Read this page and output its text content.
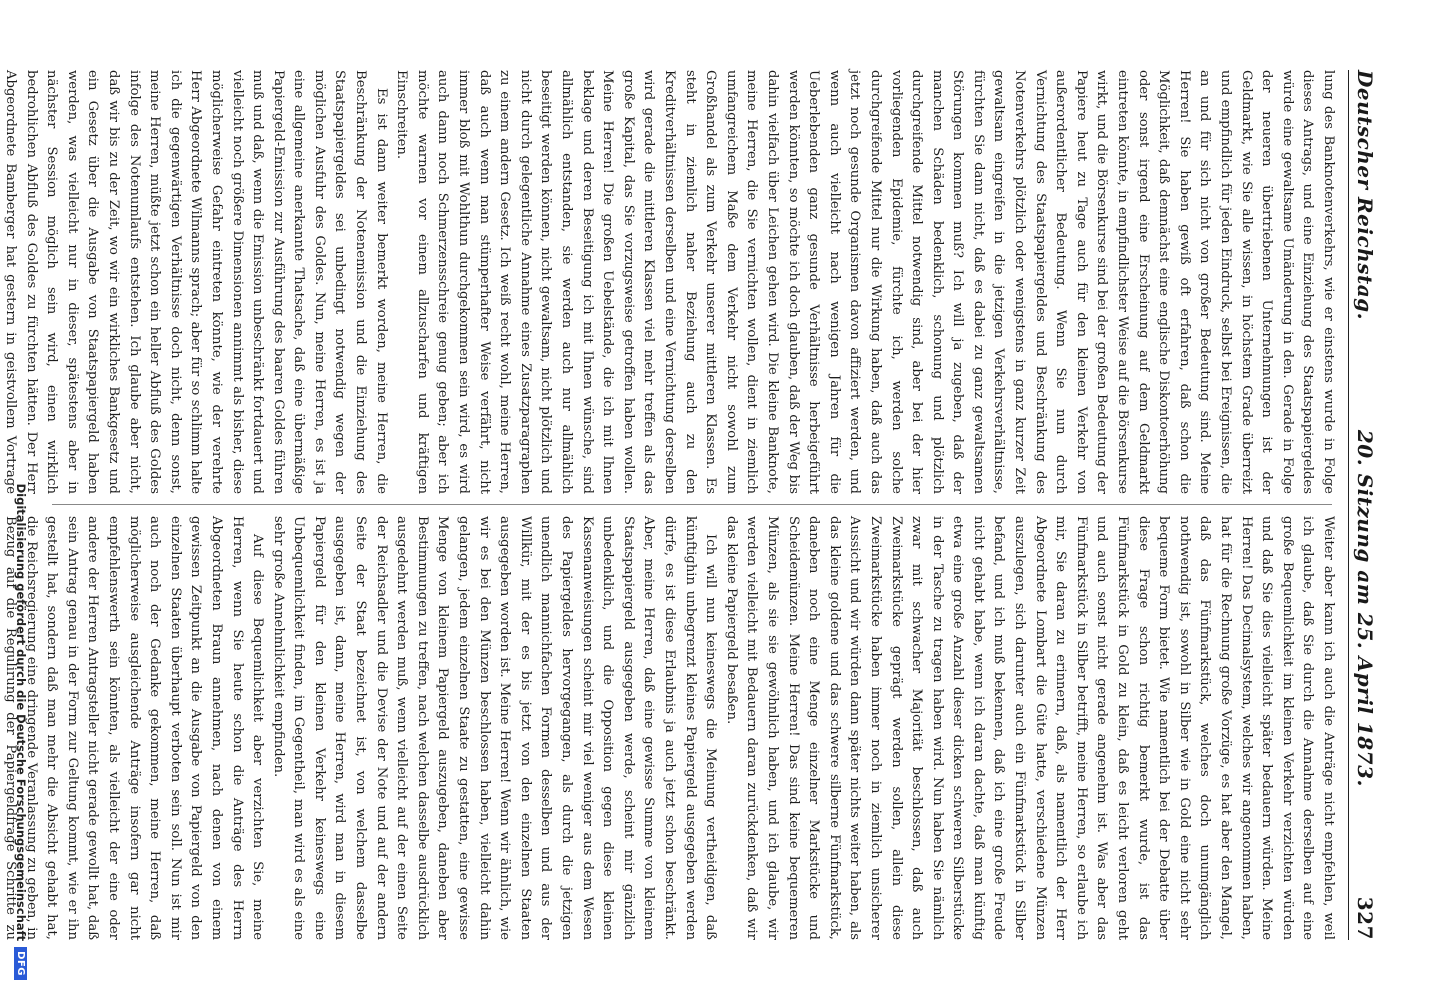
Deutscher Reichstag.
20. Sitzung am 25. April 1873.
327

lung des Banknotenverkehrs, wie er einstens wurde in Folge dieses Antrags, und eine Einziehung des Staatspapiergeldes würde eine gewaltsame Umänderung in den. Gerade in Folge der neueren übertriebenen Unternehmungen ist der Geldmarkt, wie Sie alle wissen, in höchstem Grade überreizt und empfindlich für jeden Eindruck, selbst bei Ereignissen, die an und für sich nicht von großer Bedeutung sind. Meine Herren! Sie haben gewiß oft erfahren, daß schon die Möglichkeit, daß demnächst eine englische Diskontoerhöhung oder sonst irgend eine Erscheinung auf dem Geldmarkt eintreten könnte, in empfindlichster Weise auf die Börsenkurse wirkt, und die Börsenkurse sind bei der großen Bedeutung der Papiere heut zu Tage auch für den kleinen Verkehr von außerordentlicher Bedeutung. Wenn Sie nun durch Vernichtung des Staatspapiergeldes und Beschränkung des Notenverkehrs plötzlich oder wenigstens in ganz kurzer Zeit gewaltsam eingreifen in die jetzigen Verkehrsverhältnisse, fürchten Sie dann nicht, daß es dabei zu ganz gewaltsamen Störungen kommen muß? Ich will ja zugeben, daß der manchen Schäden bedenklich, schonung und plötzlich durchgreifende Mittel notwendig sind, aber bei der hier vorliegenden Epidemie, fürchte ich, werden solche durchgreifende Mittel nur die Wirkung haben, daß auch das jetzt noch gesunde Organismen davon affiziert werden, und wenn auch vielleicht nach wenigen Jahren für die Ueberlebenden ganz gesunde Verhältnisse herbeigeführt werden könnten, so möchte ich doch glauben, daß der Weg bis dahin vielfach über Leichen gehen wird. Die kleine Banknote, meine Herren, die Sie vernichten wollen, dient in ziemlich umfangreichem Maße dem Verkehr nicht sowohl zum Großhandel als zum Verkehr unserer mittleren Klassen. Es steht in ziemlich naher Beziehung auch zu den Kreditverhältnissen derselben und eine Vernichtung derselben wird gerade die mittleren Klassen viel mehr treffen als das große Kapital, das Sie vorzugsweise getroffen haben wollen. Meine Herren! Die großen Uebelstände, die ich mit Ihnen beklage und deren Beseitigung ich mit Ihnen wünsche, sind allmählich entstanden, sie werden auch nur allmählich beseitigt werden können, nicht gewaltsam, nicht plötzlich und nicht durch gelegentliche Annahme eines Zusatzparagraphen zu einem andern Gesetz. Ich weiß recht wohl, meine Herren, daß auch wenn man stümperhafter Weise verfährt, nicht immer bloß mit Wohlthun durchgekommen sein wird, es wird auch dann noch Schmerzensschreie genug geben; aber ich möchte warnen vor einem allzuscharfen und kräftigen Einschreiten.

Es ist dann weiter bemerkt worden, meine Herren, die Beschränkung der Notenemission und die Einziehung des Staatspapiergeldes sei unbedingt notwendig wegen der möglichen Ausfuhr des Goldes. Nun, meine Herren, es ist ja eine allgemeine anerkannte Thatsache, daß eine übermäßige Papiergeld-Emission zur Ausführung des baaren Goldes führen muß und daß, wenn die Emission unbeschränkt fortdauert und vielleicht noch größere Dimensionen annimmt als bisher, diese möglicherweise Gefahr eintreten könnte, wie der verehrte Herr Abgeordnete Wilmanns sprach; aber für so schlimm halte ich die gegenwärtigen Verhältnisse doch nicht, denn sonst, meine Herren, müßte jetzt schon ein heller Abfluß des Goldes infolge des Notenumlaufs entstehen. Ich glaube aber nicht, daß wir bis zu der Zeit, wo wir ein wirkliches Bankgesetz und ein Gesetz über die Ausgabe von Staatspapiergeld haben werden, was vielleicht nur in dieser, spätestens aber in nächster Session möglich sein wird, einen wirklich bedrohlichen Abfluß des Goldes zu fürchten hätten. Der Herr Abgeordnete Bamberger hat gestern in geistvollem Vortrage

Weiter aber kann ich auch die Anträge nicht empfehlen, weil ich glaube, daß Sie durch die Annahme derselben auf eine große Bequemlichkeit im kleinen Verkehr verzichten würden und daß Sie dies vielleicht später bedauern würden. Meine Herren! Das Decimalsystem, welches wir angenommen haben, hat für die Rechnung große Vorzüge, es hat aber den Mangel, daß das Fünfmarkstück, welches doch unumgänglich nothwendig ist, sowohl in Silber wie in Gold eine nicht sehr bequeme Form bietet. Wie namentlich bei der Debatte über diese Frage schon richtig bemerkt wurde, ist das Fünfmarkstück in Gold zu klein, daß es leicht verloren geht und auch sonst nicht gerade angenehm ist. Was aber das Fünfmarkstück in Silber betrifft, meine Herren, so erlaube ich mir, Sie daran zu erinnern, daß, als namentlich der Herr Abgeordnete Lombart die Güte hatte, verschiedene Münzen auszulegen, sich darunter auch ein Fünfmarkstück in Silber befand, und ich muß bekennen, daß ich eine große Freude nicht gehabt habe, wenn ich daran dachte, daß man künftig etwa eine große Anzahl dieser dicken schweren Silberstücke in der Tasche zu tragen haben wird. Nun haben Sie nämlich zwar mit schwacher Majorität beschlossen, daß auch Zweimarkstücke geprägt werden sollen, allein diese Zweimarkstücke haben immer noch in ziemlich unsicherer Aussicht und wir würden dann später nichts weiter haben, als das kleine goldene und das schwere silberne Fünfmarkstück, daneben noch eine Menge einzelner Markstücke und Scheidemünzen. Meine Herren! Das sind keine bequemeren Münzen, als sie sie gewöhnlich haben, und ich glaube, wir werden vielleicht mit Bedauern daran zurückdenken, daß wir das kleine Papiergeld besaßen.

Ich will nun keineswegs die Meinung vertheidigen, daß künftighin unbegrenzt kleines Papiergeld ausgegeben werden dürfe, es ist diese Erlaubnis ja auch jetzt schon beschränkt. Aber, meine Herren, daß eine gewisse Summe von kleinem Staatspapiergeld ausgegeben werde, scheint mir gänzlich unbedenklich, und die Opposition gegen diese kleinen Kassenanweisungen scheint mir viel weniger aus dem Wesen des Papiergeldes hervorgegangen, als durch die jetzigen unendlich mannichfachen Formen desselben und aus der Willkür, mit der es bis jetzt von den einzelnen Staaten ausgegeben worden ist. Meine Herren! Wenn wir ähnlich, wie wir es bei den Münzen beschlossen haben, vielleicht dahin gelangen, jedem einzelnen Staate zu gestatten, eine gewisse Menge von kleinem Papiergeld auszugeben, daneben aber Bestimmungen zu treffen, nach welchen dasselbe ausdrücklich ausgedehnt werden muß, wenn vielleicht auf der einen Seite der Reichsadler und die Devise der Note und auf der andern Seite der Staat bezeichnet ist, von welchem dasselbe ausgegeben ist, dann, meine Herren, wird man in diesem Papiergeld für den kleinen Verkehr keineswegs eine Unbequemlichkeit finden, im Gegentheil, man wird es als eine sehr große Annehmlichkeit empfinden.

Auf diese Bequemlichkeit aber verzichten Sie, meine Herren, wenn Sie heute schon die Anträge des Herrn Abgeordneten Braun annehmen, nach denen von einem gewissen Zeitpunkt an die Ausgabe von Papiergeld von den einzelnen Staaten überhaupt verboten sein soll. Nun ist mir auch noch der Gedanke gekommen, meine Herren, daß möglicherweise ausgleichende Anträge insofern gar nicht empfehlenswerth sein könnten, als vielleicht der eine oder andere der Herren Antragsteller nicht gerade gewollt hat, daß sein Antrag genau in der Form zur Geltung kommt, wie er ihn gestellt hat, sondern daß man mehr die Absicht gehabt hat, die Reichsregierung eine dringende Veranlassung zu geben, in Bezug auf die Regulirung der Papiergeldfrage Schritte zu

Digitalisierung gefördert durch die Deutsche Forschungsgemeinschaft
DFG
